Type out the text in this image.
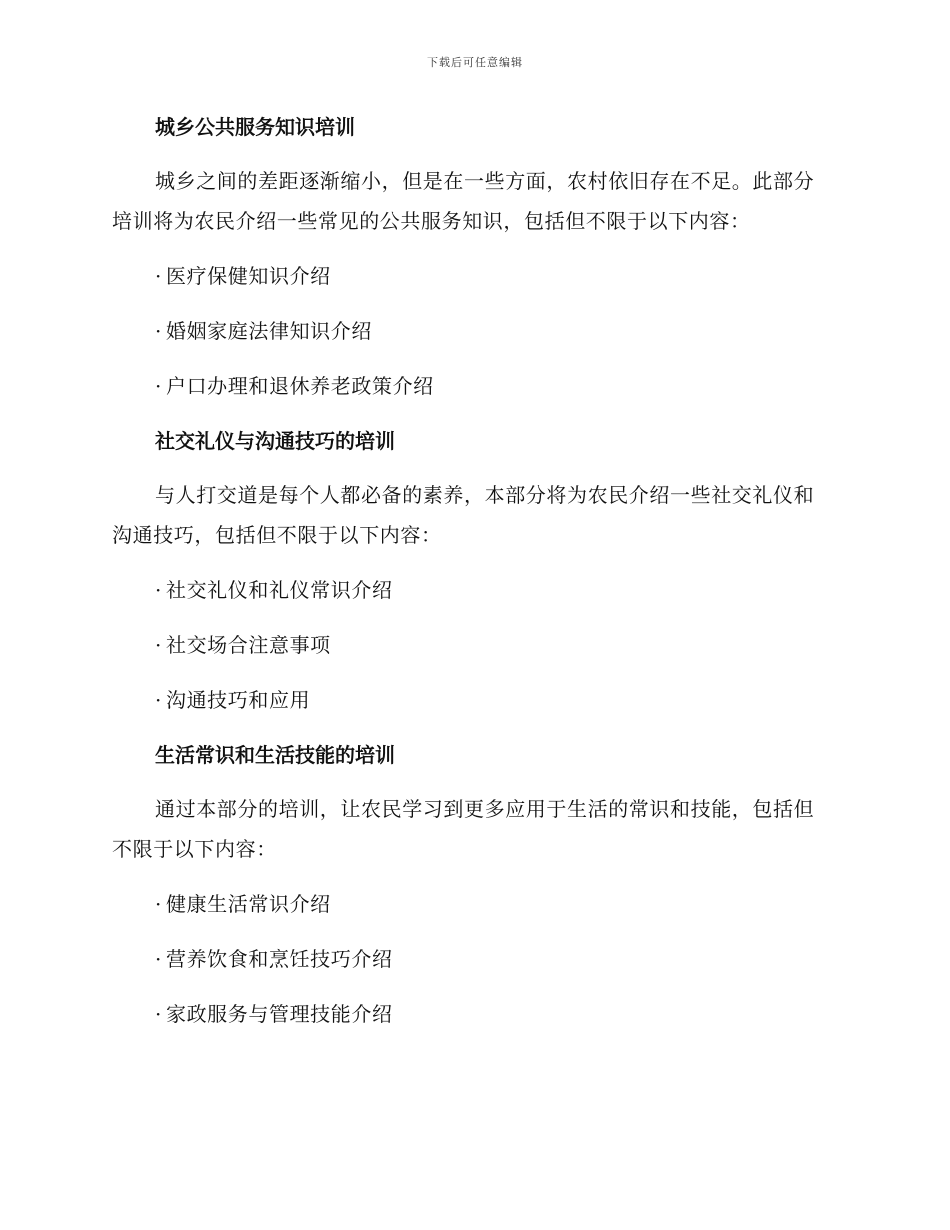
下载后可任意编辑
城乡公共服务知识培训

城乡之间的差距逐渐缩小，但是在一些方面，农村依旧存在不足。此部分培训将为农民介绍一些常见的公共服务知识，包括但不限于以下内容：

· 医疗保健知识介绍
· 婚姻家庭法律知识介绍
· 户口办理和退休养老政策介绍
社交礼仪与沟通技巧的培训

与人打交道是每个人都必备的素养，本部分将为农民介绍一些社交礼仪和沟通技巧，包括但不限于以下内容：

· 社交礼仪和礼仪常识介绍
· 社交场合注意事项
· 沟通技巧和应用
生活常识和生活技能的培训

通过本部分的培训，让农民学习到更多应用于生活的常识和技能，包括但不限于以下内容：

· 健康生活常识介绍
· 营养饮食和烹饪技巧介绍
· 家政服务与管理技能介绍
